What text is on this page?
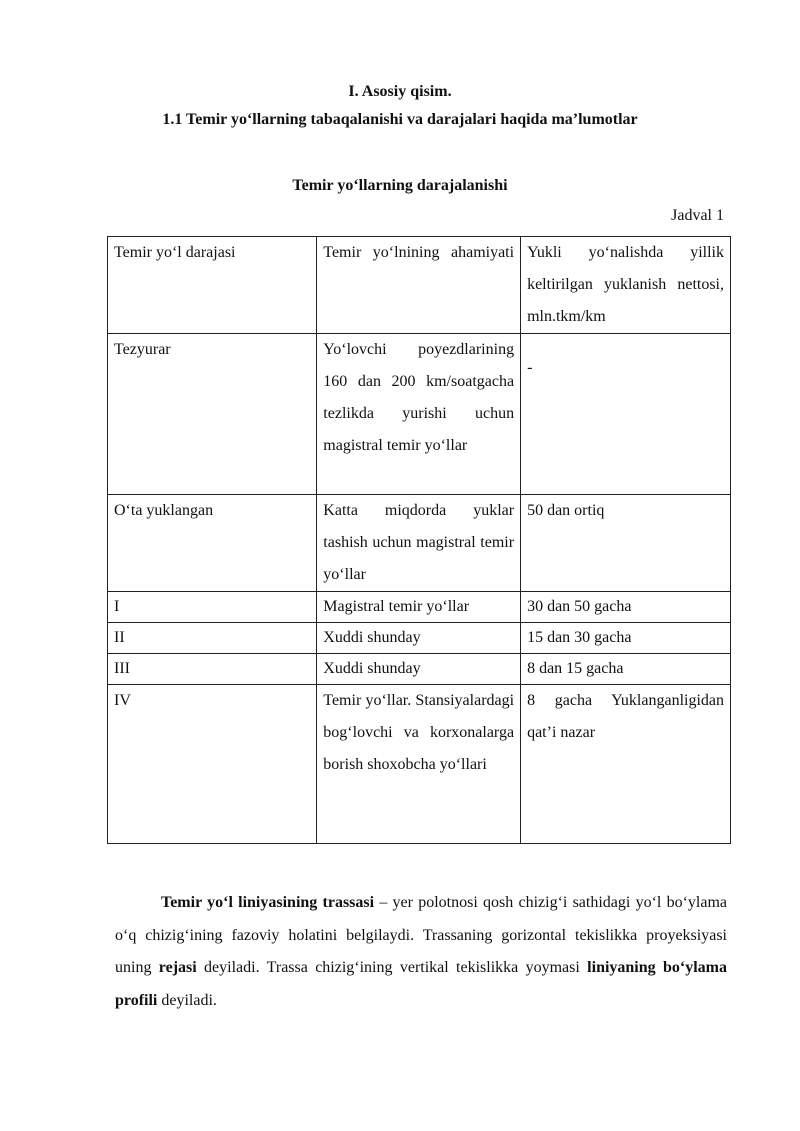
I. Asosiy qisim.
1.1 Temir yo‘llarning tabaqalanishi va darajalari haqida ma’lumotlar
Temir yo‘llarning darajalanishi
Jadval 1
Temir yo‘l darajasi	Temir yo‘lnining ahamiyati	Yukli yo‘nalishda yillik keltirilgan yuklanish nettosi, mln.tkm/km
Tezyurar	Yo‘lovchi poyezdlarining 160 dan 200 km/soatgacha tezlikda yurishi uchun magistral temir yo‘llar	-

O‘ta yuklangan	Katta miqdorda yuklar tashish uchun magistral temir yo‘llar	50 dan ortiq
I	Magistral temir yo‘llar	30 dan 50 gacha
II	Xuddi shunday	15 dan 30 gacha
III	Xuddi shunday	8 dan 15 gacha
IV	Temir yo‘llar. Stansiyalardagi bog‘lovchi va korxonalarga borish shoxobcha yo‘llari	8 gacha Yuklanganligidan qat’i nazar

Temir yo‘l liniyasining trassasi – yer polotnosi qosh chizig‘i sathidagi yo‘l bo‘ylama o‘q chizig‘ining fazoviy holatini belgilaydi. Trassaning gorizontal tekislikka proyeksiyasi uning rejasi deyiladi. Trassa chizig‘ining vertikal tekislikka yoymasi liniyaning bo‘ylama profili deyiladi.
